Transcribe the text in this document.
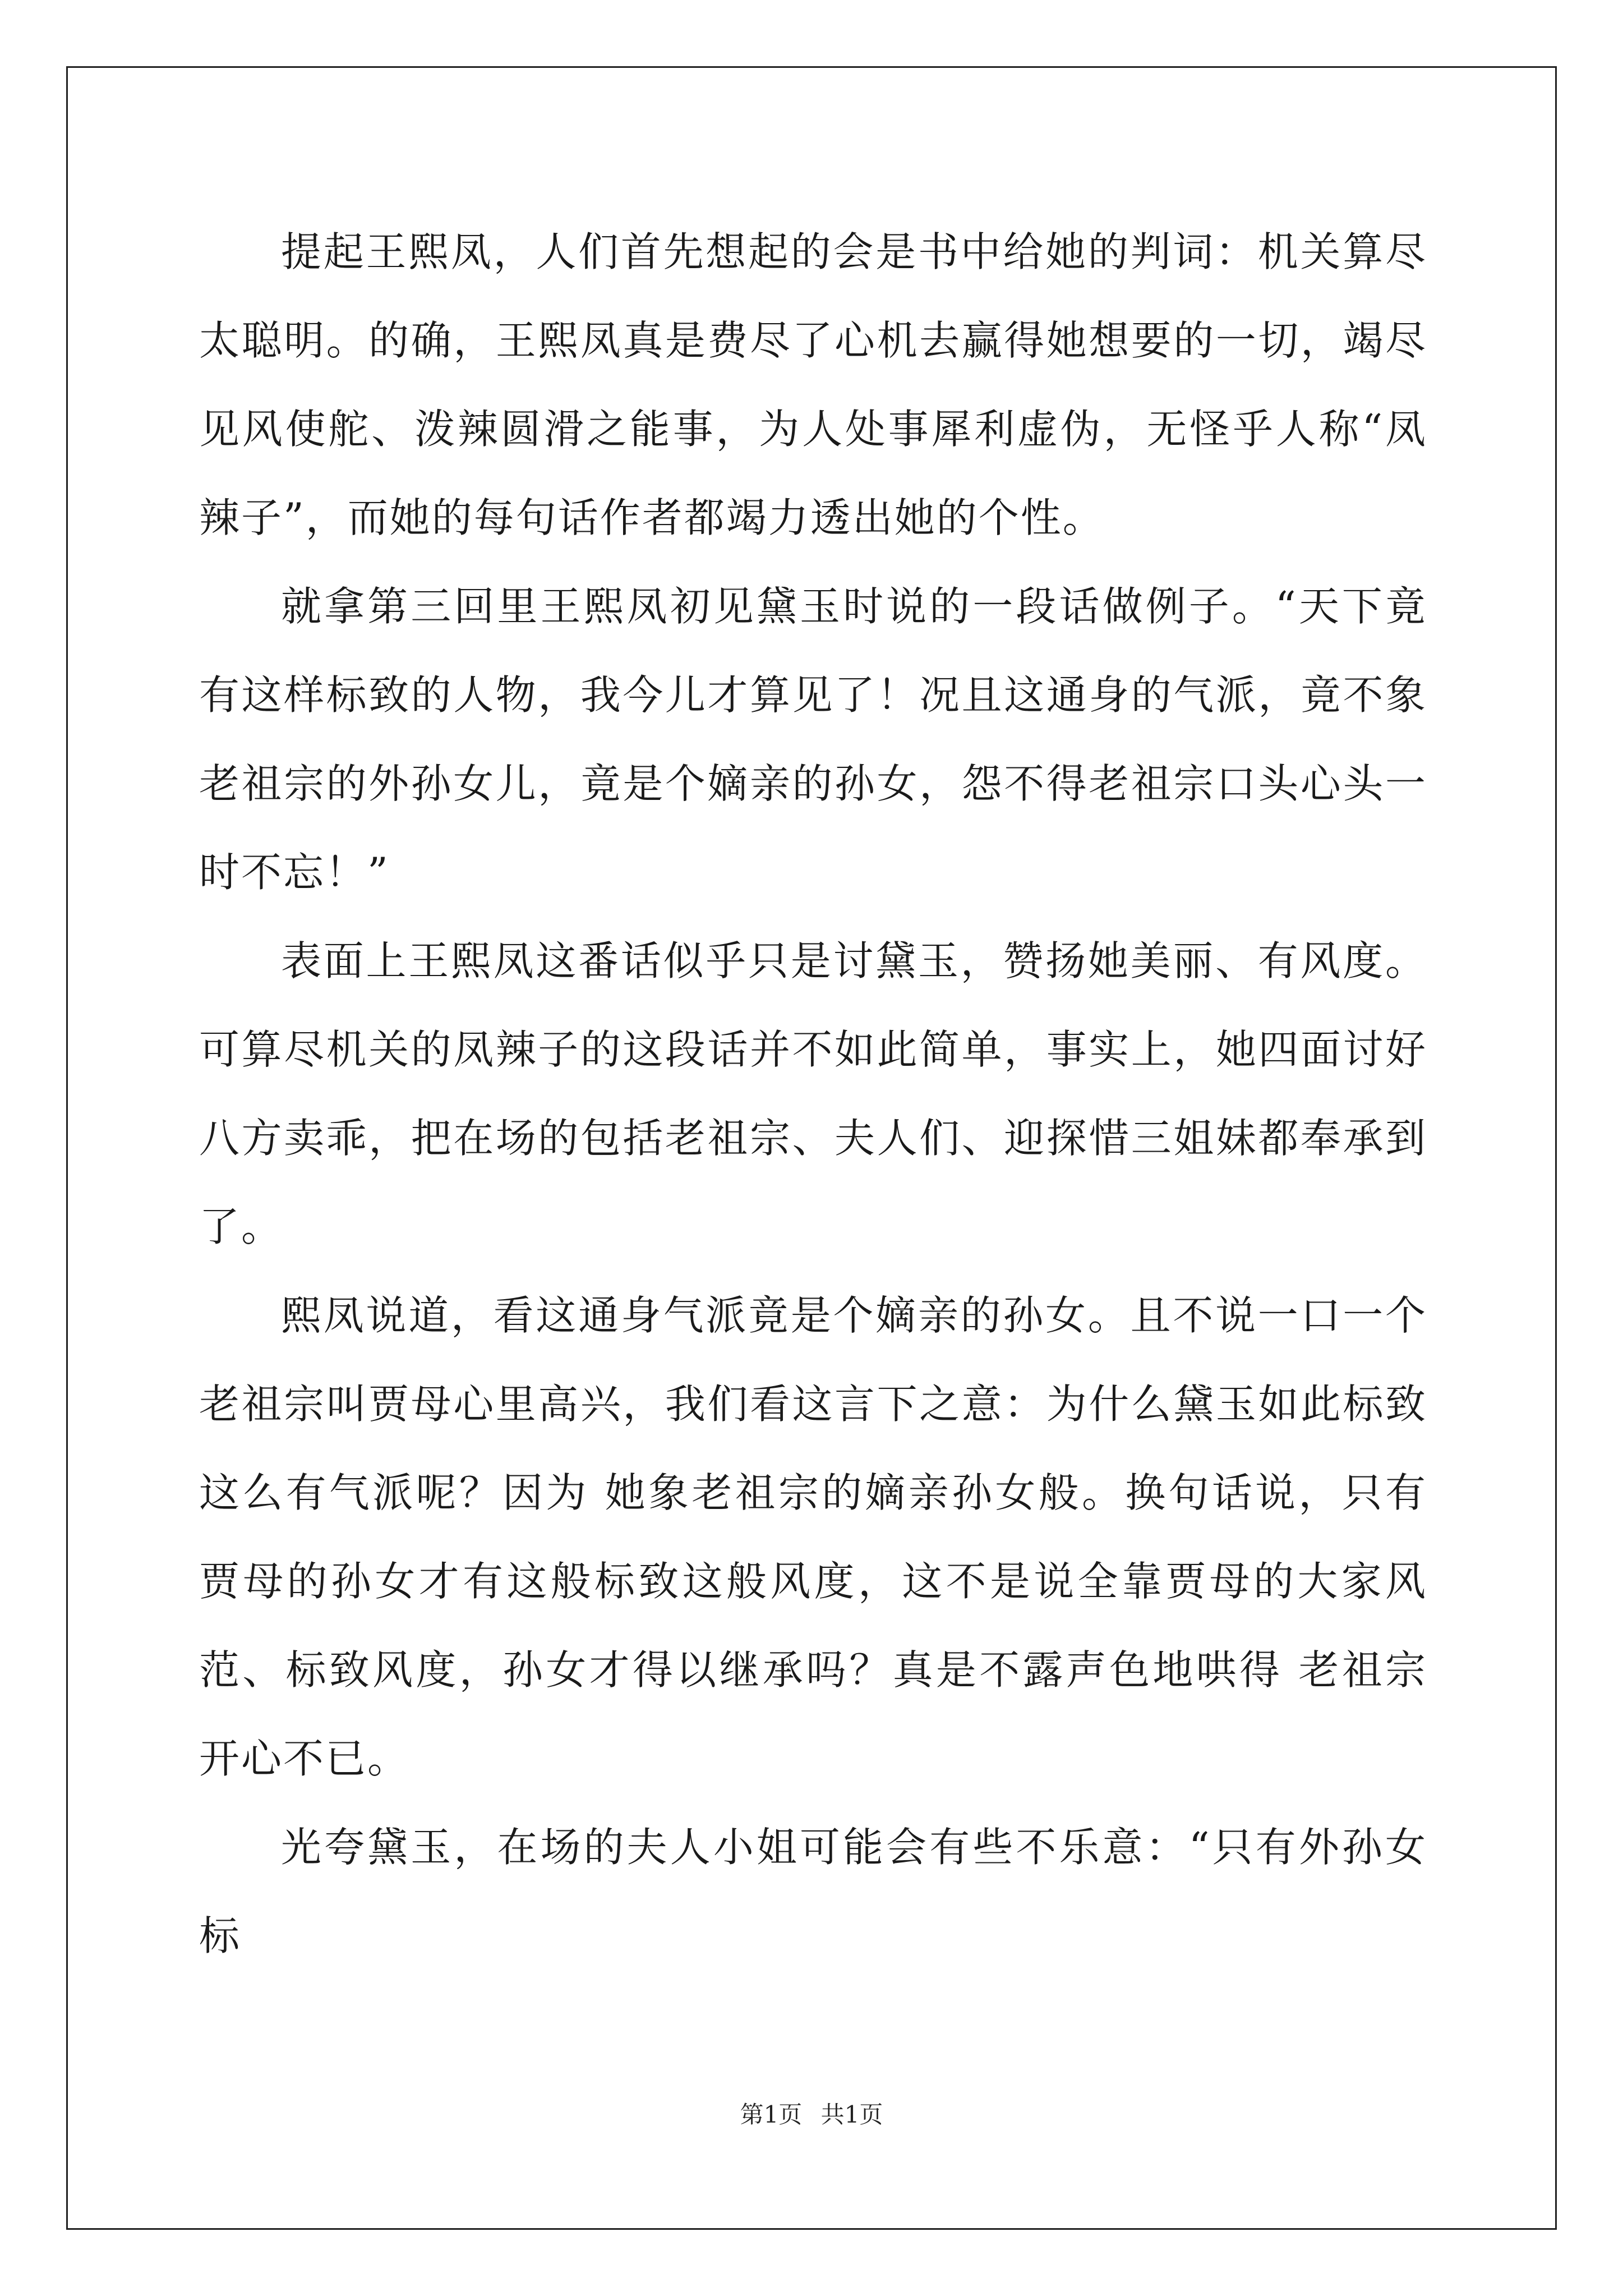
提起王熙凤，人们首先想起的会是书中给她的判词：机关算尽太聪明。的确，王熙凤真是费尽了心机去赢得她想要的一切，竭尽见风使舵、泼辣圆滑之能事，为人处事犀利虚伪，无怪乎人称“凤辣子”，而她的每句话作者都竭力透出她的个性。

就拿第三回里王熙凤初见黛玉时说的一段话做例子。“天下竟有这样标致的人物，我今儿才算见了！况且这通身的气派，竟不象老祖宗的外孙女儿，竟是个嫡亲的孙女，怨不得老祖宗口头心头一时不忘！”

表面上王熙凤这番话似乎只是讨黛玉，赞扬她美丽、有风度。可算尽机关的凤辣子的这段话并不如此简单，事实上，她四面讨好八方卖乖，把在场的包括老祖宗、夫人们、迎探惜三姐妹都奉承到了。

熙凤说道，看这通身气派竟是个嫡亲的孙女。且不说一口一个老祖宗叫贾母心里高兴，我们看这言下之意：为什么黛玉如此标致这么有气派呢？因为 她象老祖宗的嫡亲孙女般。换句话说，只有贾母的孙女才有这般标致这般风度，这不是说全靠贾母的大家风范、标致风度，孙女才得以继承吗？真是不露声色地哄得 老祖宗开心不已。

光夸黛玉，在场的夫人小姐可能会有些不乐意：“只有外孙女标

第1页 共1页
